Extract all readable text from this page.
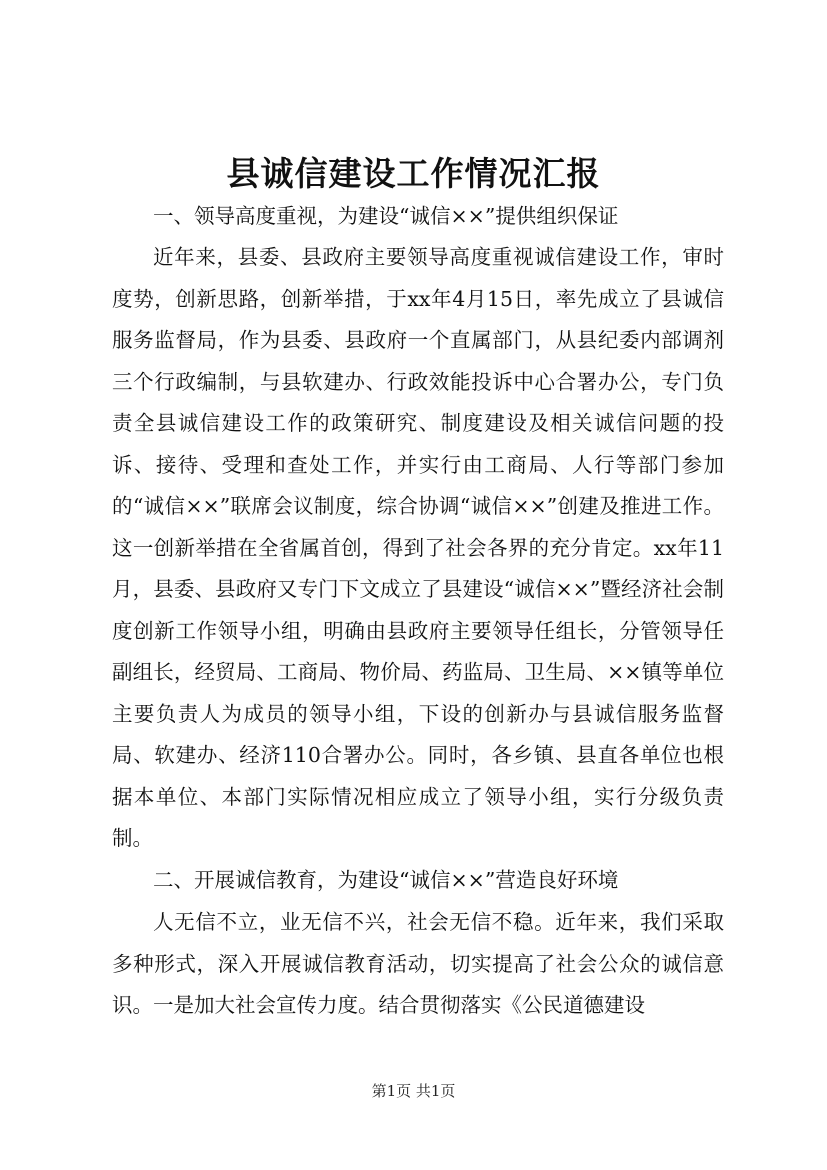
县诚信建设工作情况汇报

一、领导高度重视，为建设“诚信××”提供组织保证

近年来，县委、县政府主要领导高度重视诚信建设工作，审时度势，创新思路，创新举措，于xx年4月15日，率先成立了县诚信服务监督局，作为县委、县政府一个直属部门，从县纪委内部调剂三个行政编制，与县软建办、行政效能投诉中心合署办公，专门负责全县诚信建设工作的政策研究、制度建设及相关诚信问题的投诉、接待、受理和查处工作，并实行由工商局、人行等部门参加的“诚信××”联席会议制度，综合协调“诚信××”创建及推进工作。这一创新举措在全省属首创，得到了社会各界的充分肯定。xx年11月，县委、县政府又专门下文成立了县建设“诚信××”暨经济社会制度创新工作领导小组，明确由县政府主要领导任组长，分管领导任副组长，经贸局、工商局、物价局、药监局、卫生局、××镇等单位主要负责人为成员的领导小组，下设的创新办与县诚信服务监督局、软建办、经济110合署办公。同时，各乡镇、县直各单位也根据本单位、本部门实际情况相应成立了领导小组，实行分级负责制。

二、开展诚信教育，为建设“诚信××”营造良好环境

人无信不立，业无信不兴，社会无信不稳。近年来，我们采取多种形式，深入开展诚信教育活动，切实提高了社会公众的诚信意识。一是加大社会宣传力度。结合贯彻落实《公民道德建设

第1页 共1页
